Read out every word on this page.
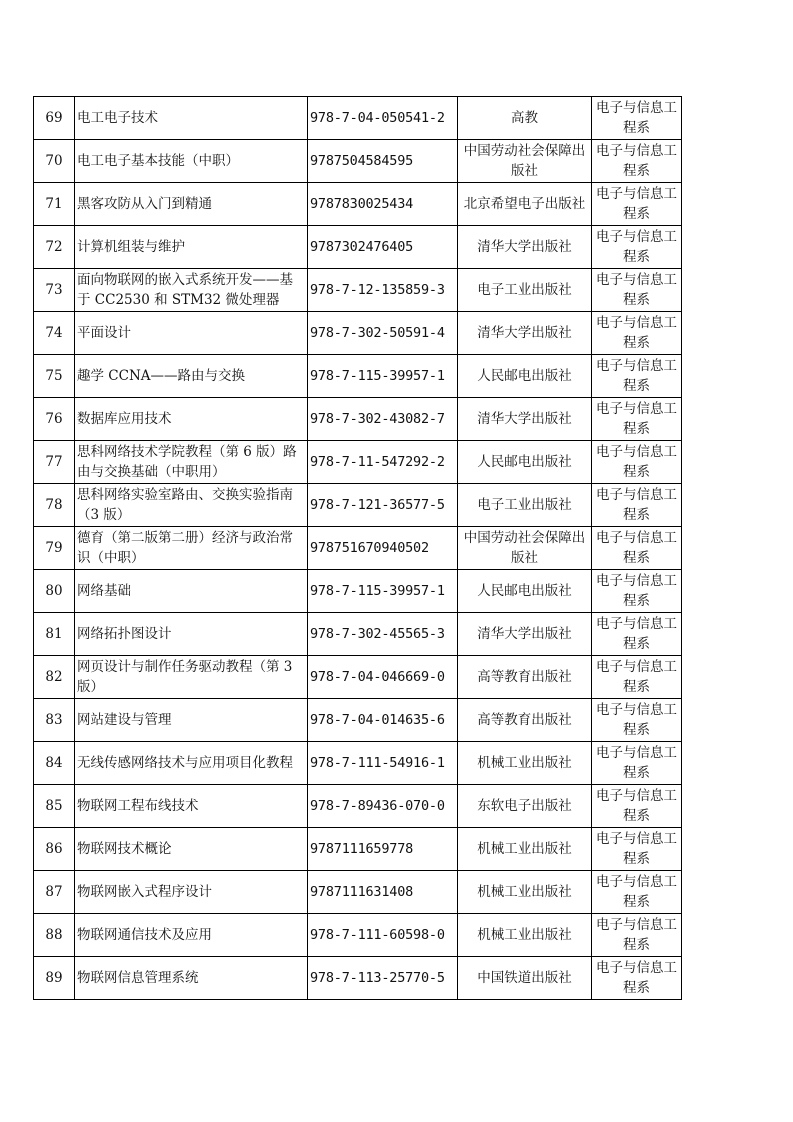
69	电工电子技术	978-7-04-050541-2	高教	电子与信息工程系
70	电工电子基本技能（中职）	9787504584595	中国劳动社会保障出版社	电子与信息工程系
71	黑客攻防从入门到精通	9787830025434	北京希望电子出版社	电子与信息工程系
72	计算机组装与维护	9787302476405	清华大学出版社	电子与信息工程系
73	面向物联网的嵌入式系统开发——基于 CC2530 和 STM32 微处理器	978-7-12-135859-3	电子工业出版社	电子与信息工程系
74	平面设计	978-7-302-50591-4	清华大学出版社	电子与信息工程系
75	趣学 CCNA——路由与交换	978-7-115-39957-1	人民邮电出版社	电子与信息工程系
76	数据库应用技术	978-7-302-43082-7	清华大学出版社	电子与信息工程系
77	思科网络技术学院教程（第 6 版）路由与交换基础（中职用）	978-7-11-547292-2	人民邮电出版社	电子与信息工程系
78	思科网络实验室路由、交换实验指南（3 版）	978-7-121-36577-5	电子工业出版社	电子与信息工程系
79	德育（第二版第二册）经济与政治常识（中职）	978751670940502	中国劳动社会保障出版社	电子与信息工程系
80	网络基础	978-7-115-39957-1	人民邮电出版社	电子与信息工程系
81	网络拓扑图设计	978-7-302-45565-3	清华大学出版社	电子与信息工程系
82	网页设计与制作任务驱动教程（第 3 版）	978-7-04-046669-0	高等教育出版社	电子与信息工程系
83	网站建设与管理	978-7-04-014635-6	高等教育出版社	电子与信息工程系
84	无线传感网络技术与应用项目化教程	978-7-111-54916-1	机械工业出版社	电子与信息工程系
85	物联网工程布线技术	978-7-89436-070-0	东软电子出版社	电子与信息工程系
86	物联网技术概论	9787111659778	机械工业出版社	电子与信息工程系
87	物联网嵌入式程序设计	9787111631408	机械工业出版社	电子与信息工程系
88	物联网通信技术及应用	978-7-111-60598-0	机械工业出版社	电子与信息工程系
89	物联网信息管理系统	978-7-113-25770-5	中国铁道出版社	电子与信息工程系
